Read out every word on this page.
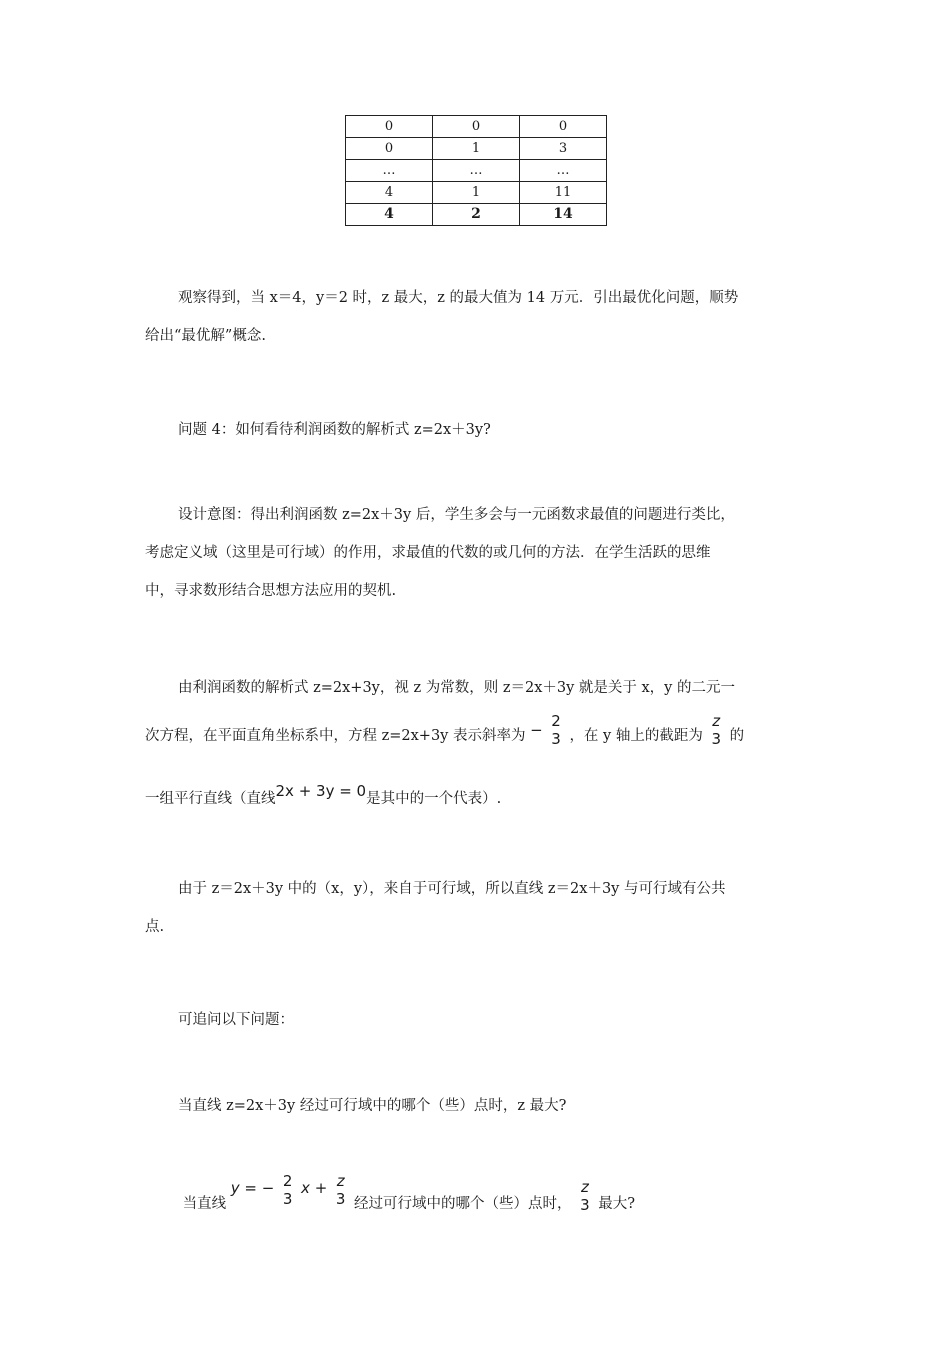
0	0	0
0	1	3
…	…	…
4	1	11
4	2	14

观察得到，当 x＝4，y＝2 时，z 最大，z 的最大值为 14 万元．引出最优化问题，顺势
给出“最优解”概念.

问题 4：如何看待利润函数的解析式 z=2x＋3y?

设计意图：得出利润函数 z=2x＋3y 后，学生多会与一元函数求最值的问题进行类比，
考虑定义域（这里是可行域）的作用，求最值的代数的或几何的方法．在学生活跃的思维
中，寻求数形结合思想方法应用的契机.

由利润函数的解析式 z=2x+3y，视 z 为常数，则 z＝2x＋3y 就是关于 x，y 的二元一

次方程，在平面直角坐标系中，方程 z=2x+3y 表示斜率为 − 2
3 ，在 y 轴上的截距为
z
3 的
一组平行直线（直线2x + 3y = 0是其中的一个代表）.

由于 z＝2x＋3y 中的（x，y），来自于可行域，所以直线 z＝2x＋3y 与可行域有公共
点.

可追问以下问题：

当直线 z=2x＋3y 经过可行域中的哪个（些）点时，z 最大?

当直线 y = − 2
3
x + z
3 经过可行域中的哪个（些）点时，
z
3 最大?
